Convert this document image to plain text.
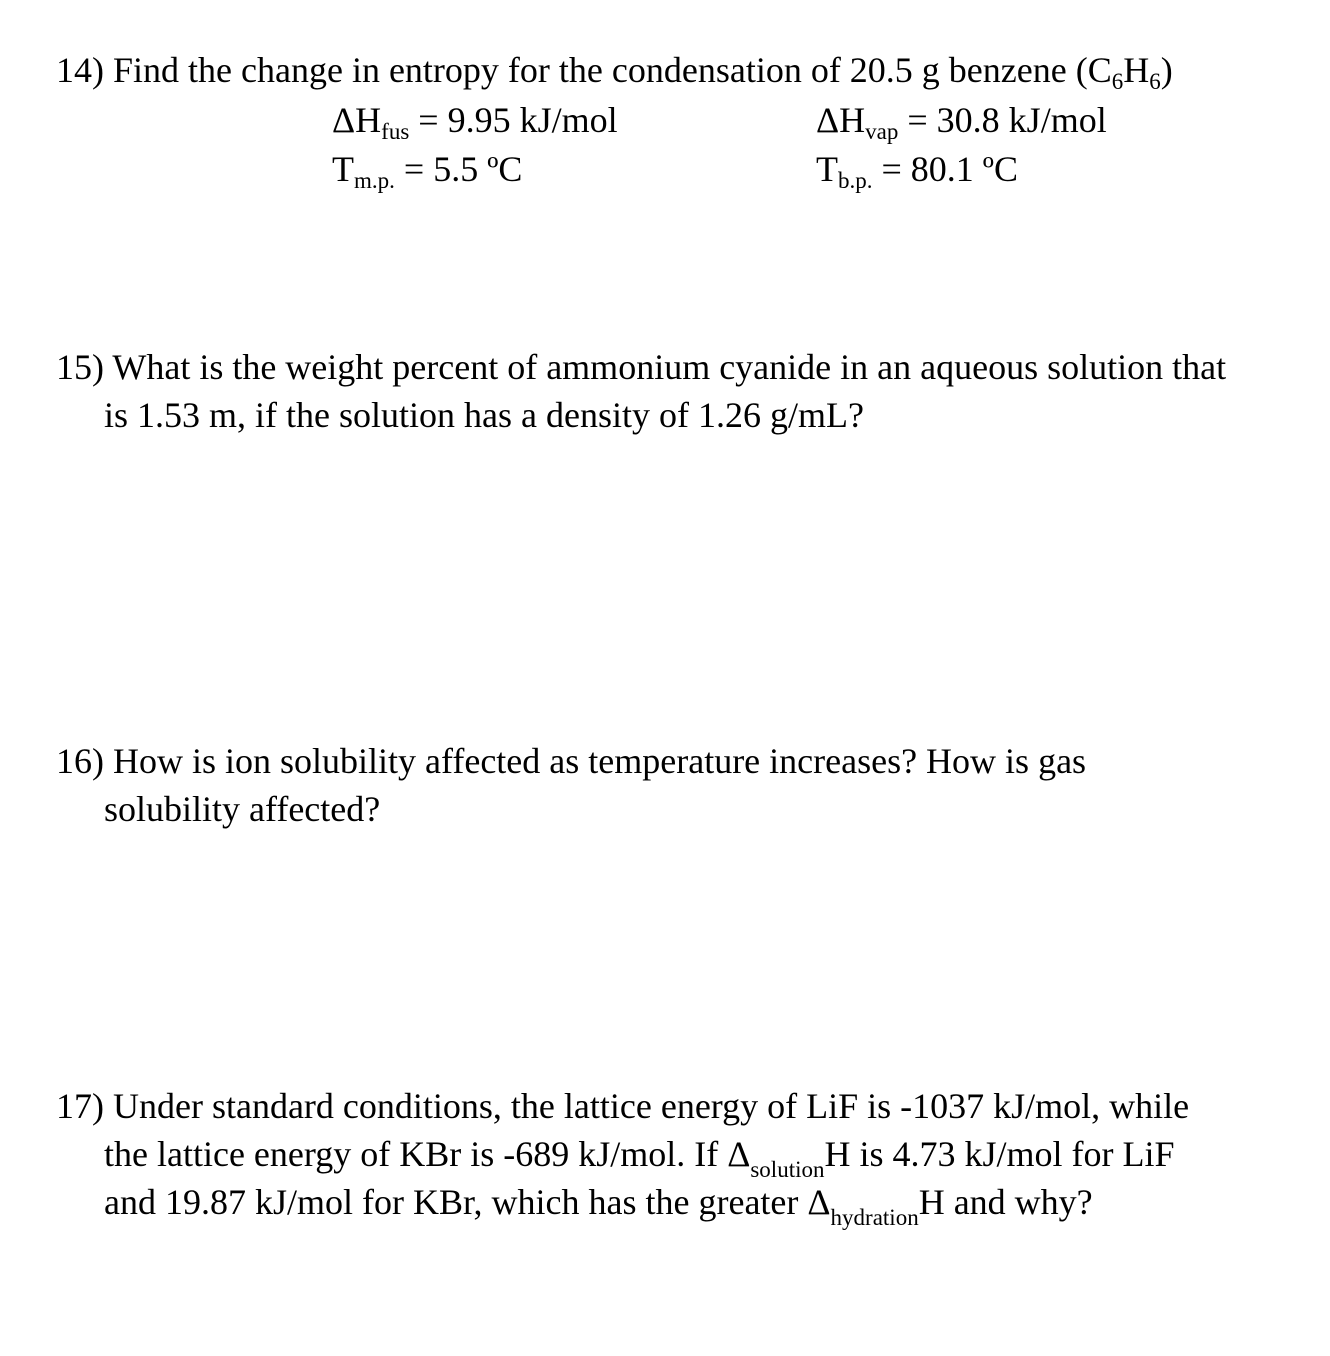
14) Find the change in entropy for the condensation of 20.5 g benzene $(C_6H_6)$
$\Delta H_{fus} = 9.95$ kJ/mol	$\Delta H_{vap} = 30.8$ kJ/mol
$T_{m.p.} = 5.5$ ºC	$T_{b.p.} = 80.1$ ºC
15) What is the weight percent of ammonium cyanide in an aqueous solution that
is 1.53 m, if the solution has a density of 1.26 g/mL?
16) How is ion solubility affected as temperature increases? How is gas
solubility affected?
17) Under standard conditions, the lattice energy of LiF is -1037 kJ/mol, while
the lattice energy of KBr is -689 kJ/mol. If $\Delta_{solution}H$ is 4.73 kJ/mol for LiF
and 19.87 kJ/mol for KBr, which has the greater $\Delta_{hydration}H$ and why?
